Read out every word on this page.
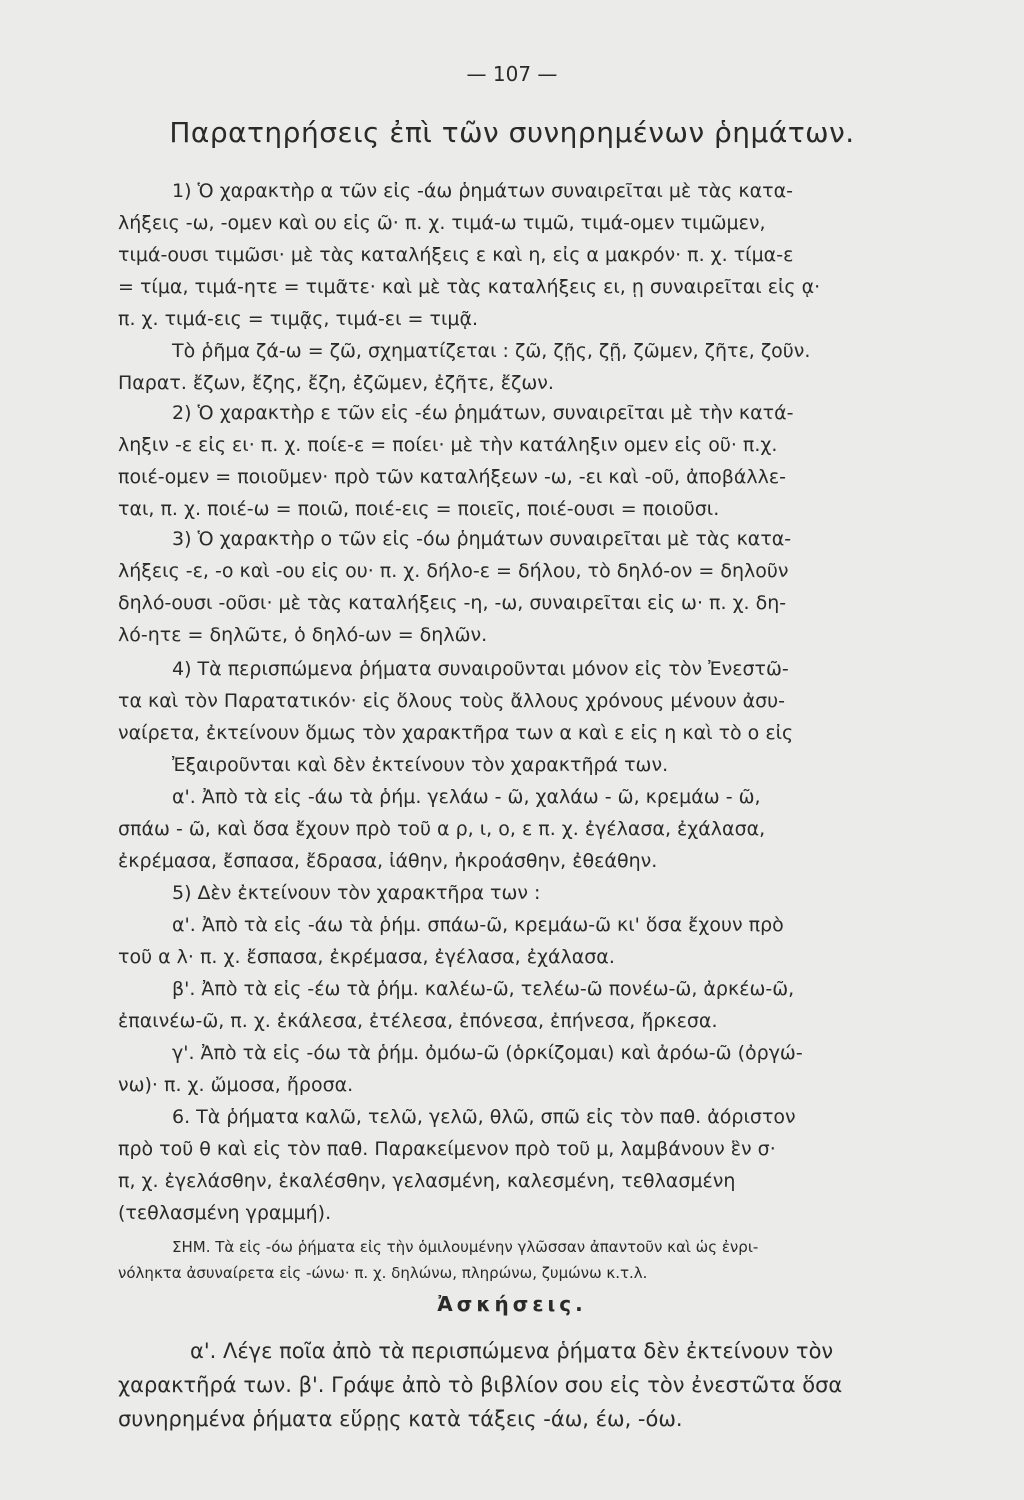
— 107 —
Παρατηρήσεις ἐπὶ τῶν συνηρημένων ῥημάτων.
1) Ὁ χαρακτὴρ α τῶν εἰς -άω ῥημάτων συναιρεῖται μὲ τὰς κατα-
λήξεις -ω, -ομεν καὶ ου εἰς ῶ· π. χ. τιμά-ω τιμῶ, τιμά-ομεν τιμῶμεν,
τιμά-ουσι τιμῶσι· μὲ τὰς καταλήξεις ε καὶ η, εἰς α μακρόν· π. χ. τίμα-ε
= τίμα, τιμά-ητε = τιμᾶτε· καὶ μὲ τὰς καταλήξεις ει, ῃ συναιρεῖται εἰς ᾳ·
π. χ. τιμά-εις = τιμᾷς, τιμά-ει = τιμᾷ.
Τὸ ῥῆμα ζά-ω = ζῶ, σχηματίζεται : ζῶ, ζῇς, ζῇ, ζῶμεν, ζῆτε, ζοῦν.
Παρατ. ἔζων, ἔζης, ἔζη, ἐζῶμεν, ἐζῆτε, ἔζων.
2) Ὁ χαρακτὴρ ε τῶν εἰς -έω ῥημάτων, συναιρεῖται μὲ τὴν κατά-
ληξιν -ε εἰς ει· π. χ. ποίε-ε = ποίει· μὲ τὴν κατάληξιν ομεν εἰς οῦ· π.χ.
ποιέ-ομεν = ποιοῦμεν· πρὸ τῶν καταλήξεων -ω, -ει καὶ -οῦ, ἀποβάλλε-
ται, π. χ. ποιέ-ω = ποιῶ, ποιέ-εις = ποιεῖς, ποιέ-ουσι = ποιοῦσι.
3) Ὁ χαρακτὴρ ο τῶν εἰς -όω ῥημάτων συναιρεῖται μὲ τὰς κατα-
λήξεις -ε, -ο καὶ -ου εἰς ου· π. χ. δήλο-ε = δήλου, τὸ δηλό-ον = δηλοῦν
δηλό-ουσι -οῦσι· μὲ τὰς καταλήξεις -η, -ω, συναιρεῖται εἰς ω· π. χ. δη-
λό-ητε = δηλῶτε, ὁ δηλό-ων = δηλῶν.
4) Τὰ περισπώμενα ῥήματα συναιροῦνται μόνον εἰς τὸν Ἐνεστῶ-
τα καὶ τὸν Παρατατικόν· εἰς ὅλους τοὺς ἄλλους χρόνους μένουν ἀσυ-
ναίρετα, ἐκτείνουν ὅμως τὸν χαρακτῆρα των α καὶ ε εἰς η καὶ τὸ ο εἰς
Ἐξαιροῦνται καὶ δὲν ἐκτείνουν τὸν χαρακτῆρά των.
α'. Ἀπὸ τὰ εἰς -άω τὰ ῥήμ. γελάω - ῶ, χαλάω - ῶ, κρεμάω - ῶ,
σπάω - ῶ, καὶ ὅσα ἔχουν πρὸ τοῦ α ρ, ι, ο, ε π. χ. ἐγέλασα, ἐχάλασα,
ἐκρέμασα, ἔσπασα, ἔδρασα, ἰάθην, ἠκροάσθην, ἐθεάθην.
5) Δὲν ἐκτείνουν τὸν χαρακτῆρα των :
α'. Ἀπὸ τὰ εἰς -άω τὰ ῥήμ. σπάω-ῶ, κρεμάω-ῶ κι' ὅσα ἔχουν πρὸ
τοῦ α λ· π. χ. ἔσπασα, ἐκρέμασα, ἐγέλασα, ἐχάλασα.
β'. Ἀπὸ τὰ εἰς -έω τὰ ῥήμ. καλέω-ῶ, τελέω-ῶ πονέω-ῶ, ἀρκέω-ῶ,
ἐπαινέω-ῶ, π. χ. ἐκάλεσα, ἐτέλεσα, ἐπόνεσα, ἐπήνεσα, ἤρκεσα.
γ'. Ἀπὸ τὰ εἰς -όω τὰ ῥήμ. ὀμόω-ῶ (ὁρκίζομαι) καὶ ἀρόω-ῶ (ὀργώ-
νω)· π. χ. ὤμοσα, ἤροσα.
6. Τὰ ῥήματα καλῶ, τελῶ, γελῶ, θλῶ, σπῶ εἰς τὸν παθ. ἀόριστον
πρὸ τοῦ θ καὶ εἰς τὸν παθ. Παρακείμενον πρὸ τοῦ μ, λαμβάνουν ἓν σ·
π, χ. ἐγελάσθην, ἐκαλέσθην, γελασμένη, καλεσμένη, τεθλασμένη
(τεθλασμένη γραμμή).
ΣΗΜ. Τὰ εἰς -όω ῥήματα εἰς τὴν ὁμιλουμένην γλῶσσαν ἀπαντοῦν καὶ ὡς ἐνρι-
νόληκτα ἀσυναίρετα εἰς -ώνω· π. χ. δηλώνω, πληρώνω, ζυμώνω κ.τ.λ.
Ἀσκήσεις.
α'. Λέγε ποῖα ἀπὸ τὰ περισπώμενα ῥήματα δὲν ἐκτείνουν τὸν
χαρακτῆρά των. β'. Γράψε ἀπὸ τὸ βιβλίον σου εἰς τὸν ἐνεστῶτα ὅσα
συνηρημένα ῥήματα εὕρῃς κατὰ τάξεις -άω, έω, -όω.
